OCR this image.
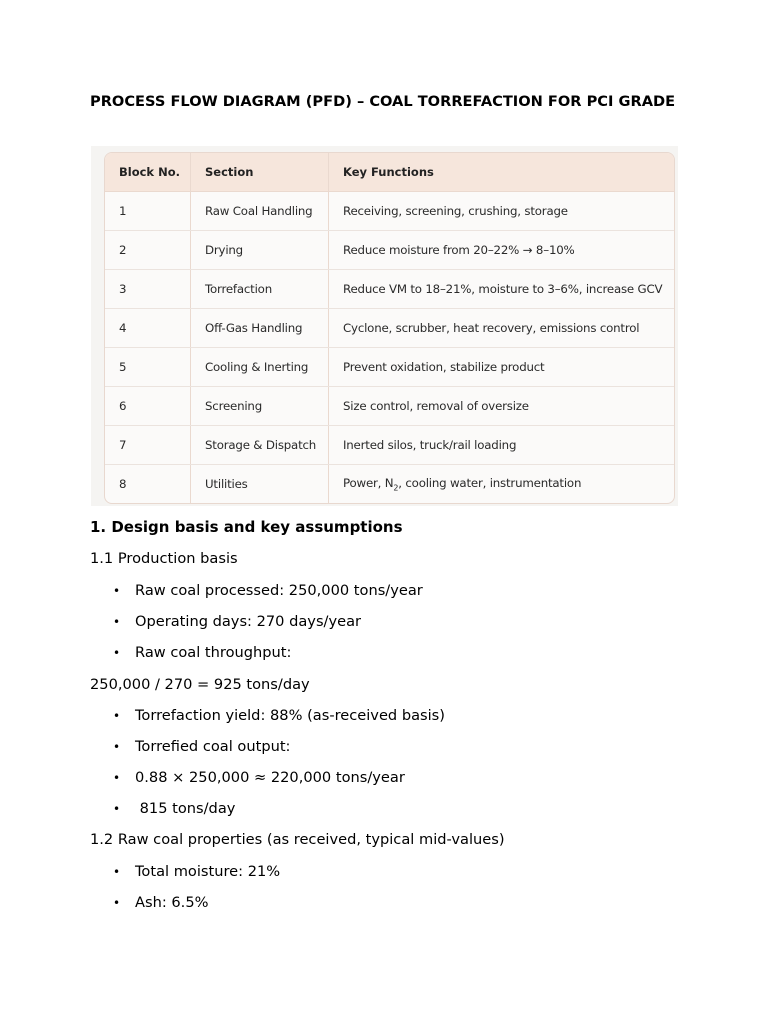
PROCESS FLOW DIAGRAM (PFD) – COAL TORREFACTION FOR PCI GRADE

Block No.	Section	Key Functions
1	Raw Coal Handling	Receiving, screening, crushing, storage
2	Drying	Reduce moisture from 20–22% → 8–10%
3	Torrefaction	Reduce VM to 18–21%, moisture to 3–6%, increase GCV
4	Off-Gas Handling	Cyclone, scrubber, heat recovery, emissions control
5	Cooling & Inerting	Prevent oxidation, stabilize product
6	Screening	Size control, removal of oversize
7	Storage & Dispatch	Inerted silos, truck/rail loading
8	Utilities	Power, $N_2$, cooling water, instrumentation

1. Design basis and key assumptions

1.1 Production basis

• Raw coal processed: 250,000 tons/year
• Operating days: 270 days/year
• Raw coal throughput:

250,000 / 270 = 925 tons/day

• Torrefaction yield: 88% (as-received basis)
• Torrefied coal output:
• 0.88 × 250,000 ≈ 220,000 tons/year
• 815 tons/day

1.2 Raw coal properties (as received, typical mid-values)

• Total moisture: 21%
• Ash: 6.5%
